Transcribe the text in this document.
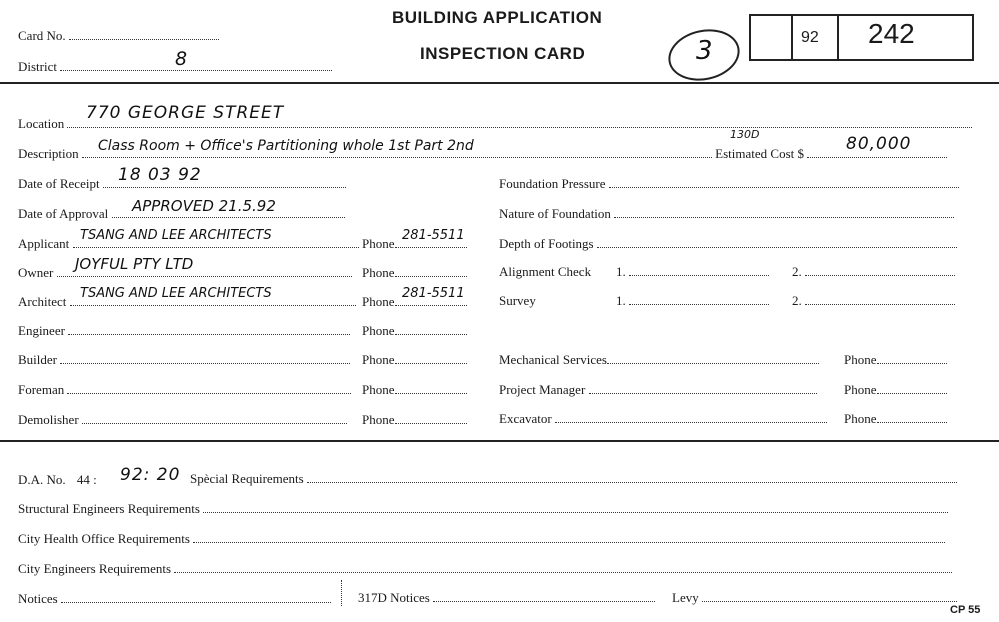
Card No.
District	8
BUILDING APPLICATION
INSPECTION CARD	3	92 242
Location
770 GEORGE STREET
Description	Estimated Cost $
Class Room + Office's Partitioning whole 1st Part 2nd
130D	80,000
Date of Receipt	18 03 92
Date of Approval	APPROVED 21.5.92
Applicant	Phone
TSANG AND LEE ARCHITECTS	281-5511
Owner	Phone
JOYFUL PTY LTD
Architect	Phone
TSANG AND LEE ARCHITECTS	281-5511
Engineer	Phone
Builder	Phone
Foreman	Phone
Demolisher	Phone
Foundation Pressure
Nature of Foundation
Depth of Footings
Alignment Check 1.	2.
Survey	1.	2.
Mechanical Services	Phone
Project Manager	Phone
Excavator	Phone
D.A. No. 44 : 92: 20 Spècial Requirements
Structural Engineers Requirements
City Health Office Requirements
City Engineers Requirements
Notices	317D Notices	Levy
CP 55
